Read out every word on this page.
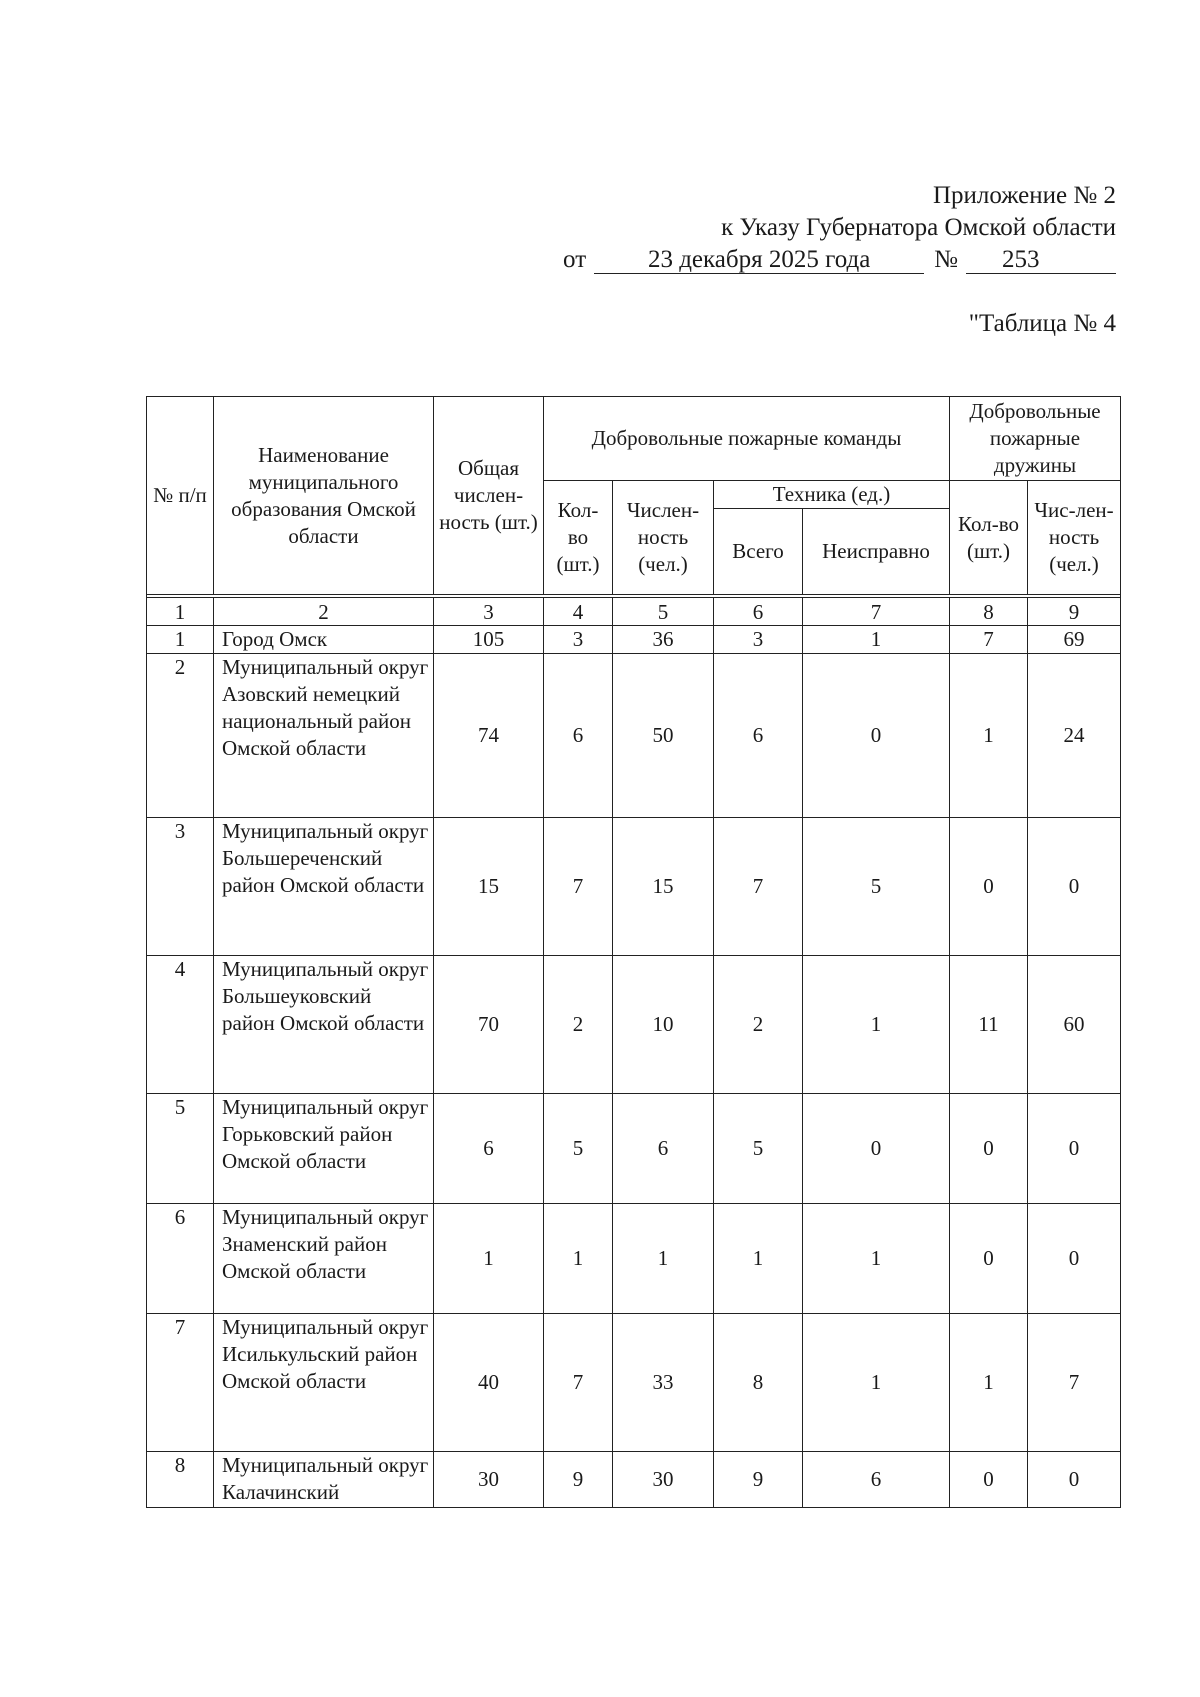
Приложение № 2
к Указу Губернатора Омской области
от 23 декабря 2025 года	№ 253
"Таблица № 4
№ п/п	Наименование муниципального образования Омской области	Общая числен-ность (шт.)	Добровольные пожарные команды				Добровольные пожарные дружины	
			Кол-во (шт.)	Числен-ность (чел.)	Техника (ед.)		Кол-во (шт.)	Чис-лен-ность (чел.)
					Всего	Неисправно		

1	2	3	4	5	6	7	8	9
1	Город Омск	105	3	36	3	1	7	69
2	Муниципальный округ Азовский немецкий национальный район Омской области	74	6	50	6	0	1	24
3	Муниципальный округ Большереченский район Омской области	15	7	15	7	5	0	0
4	Муниципальный округ Большеуковский район Омской области	70	2	10	2	1	11	60
5	Муниципальный округ Горьковский район Омской области	6	5	6	5	0	0	0
6	Муниципальный округ Знаменский район Омской области	1	1	1	1	1	0	0
7	Муниципальный округ Исилькульский район Омской области	40	7	33	8	1	1	7
8	Муниципальный округ Калачинский	30	9	30	9	6	0	0
